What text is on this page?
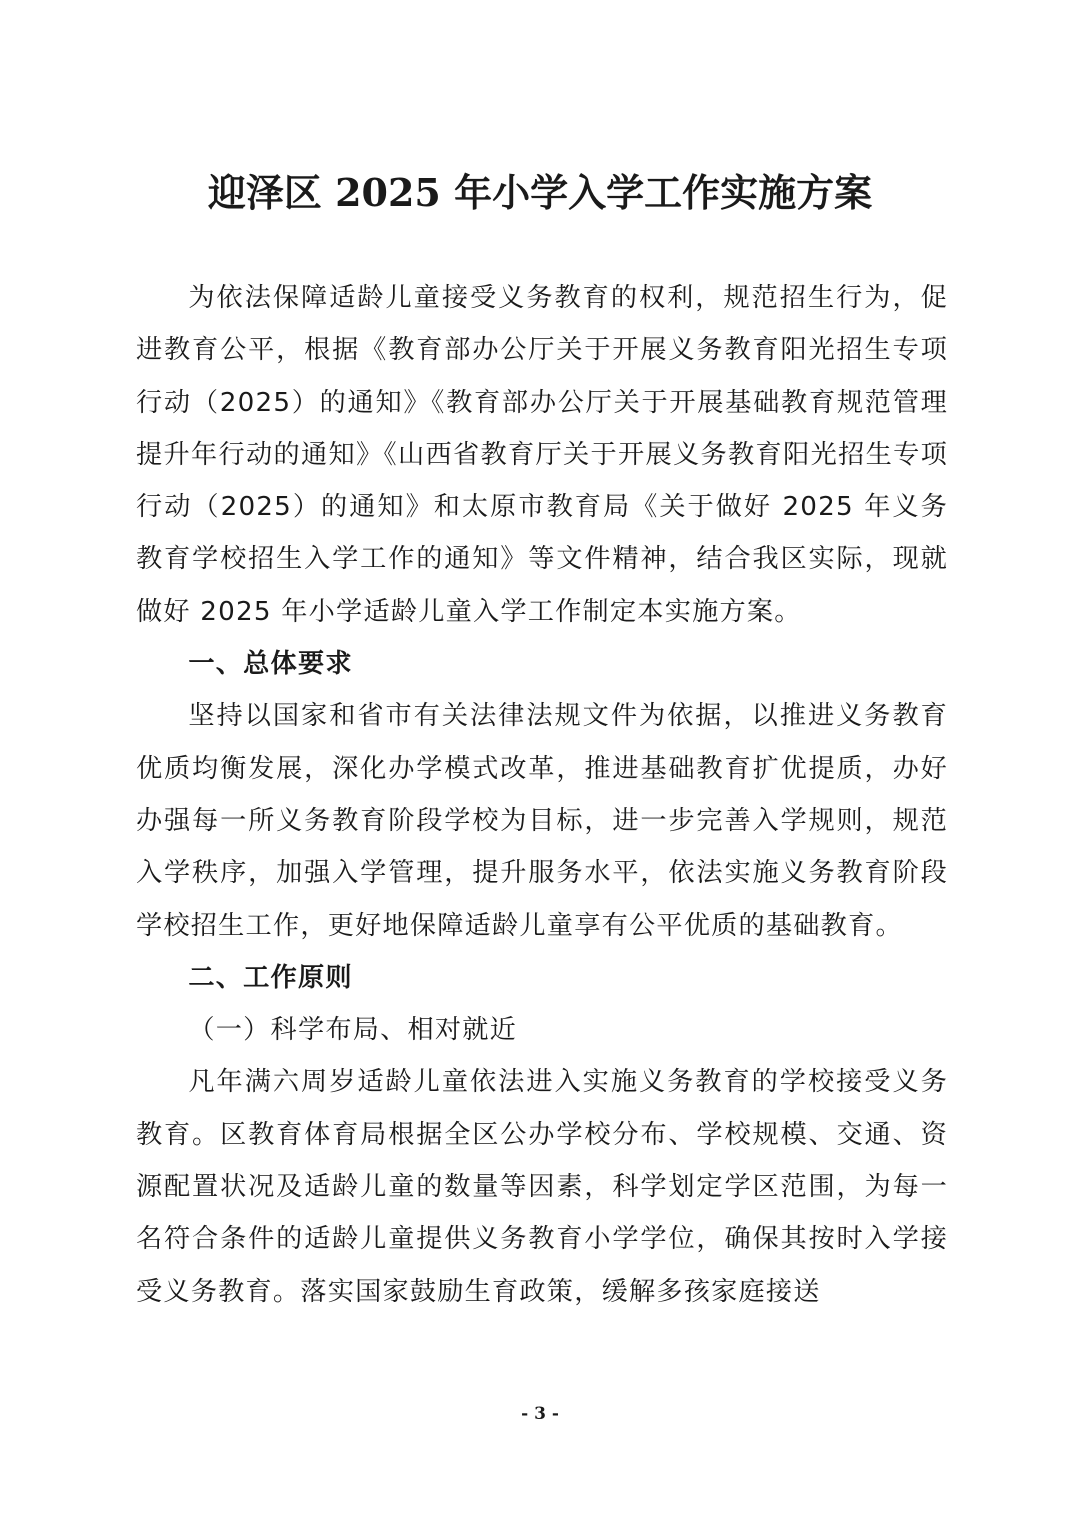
迎泽区 2025 年小学入学工作实施方案

为依法保障适龄儿童接受义务教育的权利，规范招生行为，促进教育公平，根据《教育部办公厅关于开展义务教育阳光招生专项行动（2025）的通知》《教育部办公厅关于开展基础教育规范管理提升年行动的通知》《山西省教育厅关于开展义务教育阳光招生专项行动（2025）的通知》和太原市教育局《关于做好 2025 年义务教育学校招生入学工作的通知》等文件精神，结合我区实际，现就做好 2025 年小学适龄儿童入学工作制定本实施方案。

一、总体要求

坚持以国家和省市有关法律法规文件为依据，以推进义务教育优质均衡发展，深化办学模式改革，推进基础教育扩优提质，办好办强每一所义务教育阶段学校为目标，进一步完善入学规则，规范入学秩序，加强入学管理，提升服务水平，依法实施义务教育阶段学校招生工作，更好地保障适龄儿童享有公平优质的基础教育。

二、工作原则

（一）科学布局、相对就近

凡年满六周岁适龄儿童依法进入实施义务教育的学校接受义务教育。区教育体育局根据全区公办学校分布、学校规模、交通、资源配置状况及适龄儿童的数量等因素，科学划定学区范围，为每一名符合条件的适龄儿童提供义务教育小学学位，确保其按时入学接受义务教育。落实国家鼓励生育政策，缓解多孩家庭接送

- 3 -
